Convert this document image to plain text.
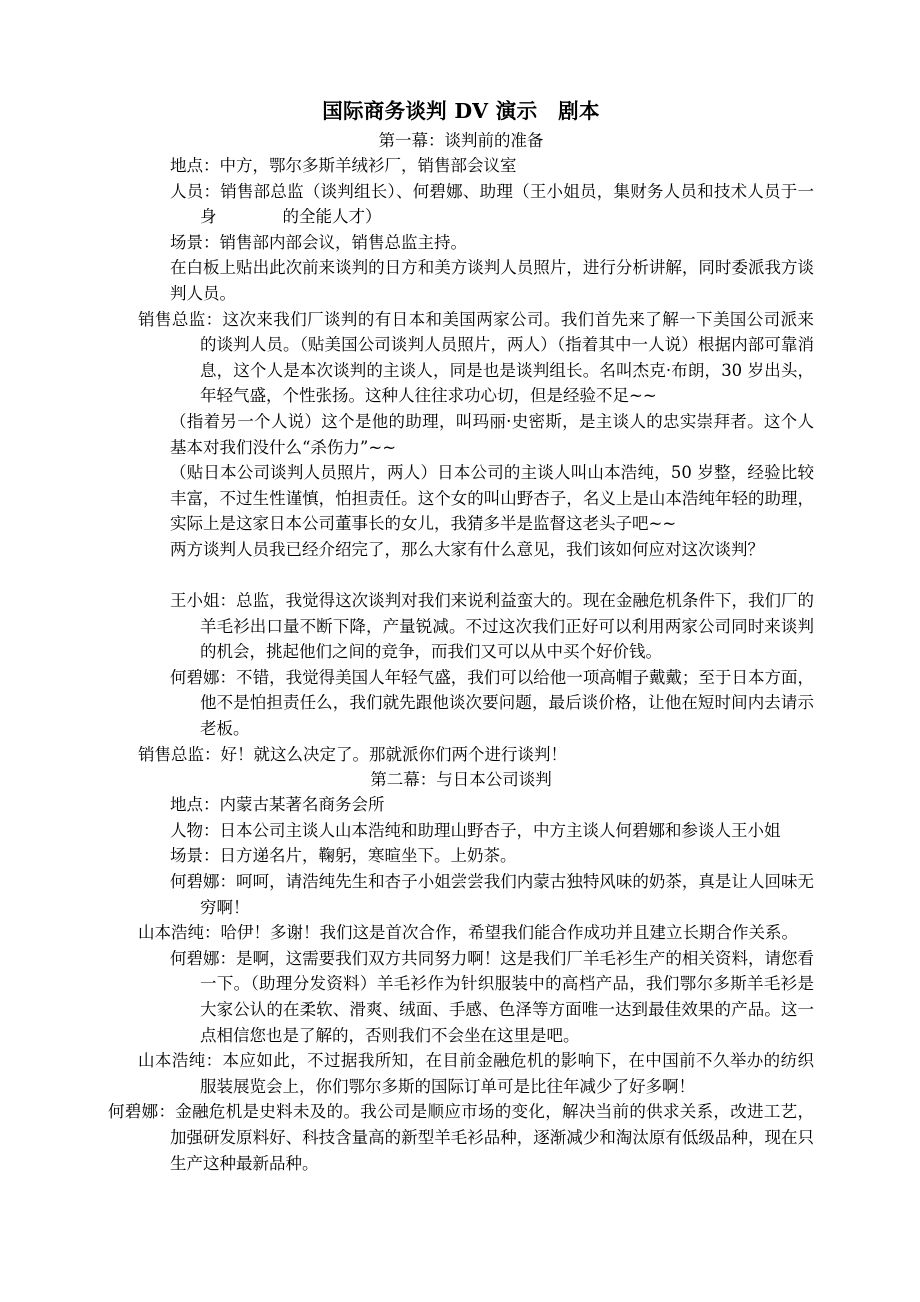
国际商务谈判 DV 演示　剧本

第一幕：谈判前的准备

地点：中方，鄂尔多斯羊绒衫厂，销售部会议室

人员：销售部总监（谈判组长）、何碧娜、助理（王小姐员，集财务人员和技术人员于一身　　　　的全能人才）

场景：销售部内部会议，销售总监主持。

在白板上贴出此次前来谈判的日方和美方谈判人员照片，进行分析讲解，同时委派我方谈判人员。

销售总监：这次来我们厂谈判的有日本和美国两家公司。我们首先来了解一下美国公司派来的谈判人员。（贴美国公司谈判人员照片，两人）（指着其中一人说）根据内部可靠消息，这个人是本次谈判的主谈人，同是也是谈判组长。名叫杰克·布朗，30 岁出头，年轻气盛，个性张扬。这种人往往求功心切，但是经验不足~~

（指着另一个人说）这个是他的助理，叫玛丽·史密斯，是主谈人的忠实崇拜者。这个人基本对我们没什么“杀伤力”~~

（贴日本公司谈判人员照片，两人）日本公司的主谈人叫山本浩纯，50 岁整，经验比较丰富，不过生性谨慎，怕担责任。这个女的叫山野杏子，名义上是山本浩纯年轻的助理，实际上是这家日本公司董事长的女儿，我猜多半是监督这老头子吧~~

两方谈判人员我已经介绍完了，那么大家有什么意见，我们该如何应对这次谈判？

王小姐：总监，我觉得这次谈判对我们来说利益蛮大的。现在金融危机条件下，我们厂的羊毛衫出口量不断下降，产量锐减。不过这次我们正好可以利用两家公司同时来谈判的机会，挑起他们之间的竞争，而我们又可以从中买个好价钱。

何碧娜：不错，我觉得美国人年轻气盛，我们可以给他一项高帽子戴戴；至于日本方面，他不是怕担责任么，我们就先跟他谈次要问题，最后谈价格，让他在短时间内去请示老板。

销售总监：好！就这么决定了。那就派你们两个进行谈判！

第二幕：与日本公司谈判

地点：内蒙古某著名商务会所

人物：日本公司主谈人山本浩纯和助理山野杏子，中方主谈人何碧娜和参谈人王小姐

场景：日方递名片，鞠躬，寒暄坐下。上奶茶。

何碧娜：呵呵，请浩纯先生和杏子小姐尝尝我们内蒙古独特风味的奶茶，真是让人回味无穷啊！

山本浩纯：哈伊！多谢！我们这是首次合作，希望我们能合作成功并且建立长期合作关系。

何碧娜：是啊，这需要我们双方共同努力啊！这是我们厂羊毛衫生产的相关资料，请您看一下。（助理分发资料）羊毛衫作为针织服装中的高档产品，我们鄂尔多斯羊毛衫是大家公认的在柔软、滑爽、绒面、手感、色泽等方面唯一达到最佳效果的产品。这一点相信您也是了解的，否则我们不会坐在这里是吧。

山本浩纯：本应如此，不过据我所知，在目前金融危机的影响下，在中国前不久举办的纺织服装展览会上，你们鄂尔多斯的国际订单可是比往年减少了好多啊！

何碧娜：金融危机是史料未及的。我公司是顺应市场的变化，解决当前的供求关系，改进工艺，加强研发原料好、科技含量高的新型羊毛衫品种，逐渐减少和淘汰原有低级品种，现在只生产这种最新品种。
